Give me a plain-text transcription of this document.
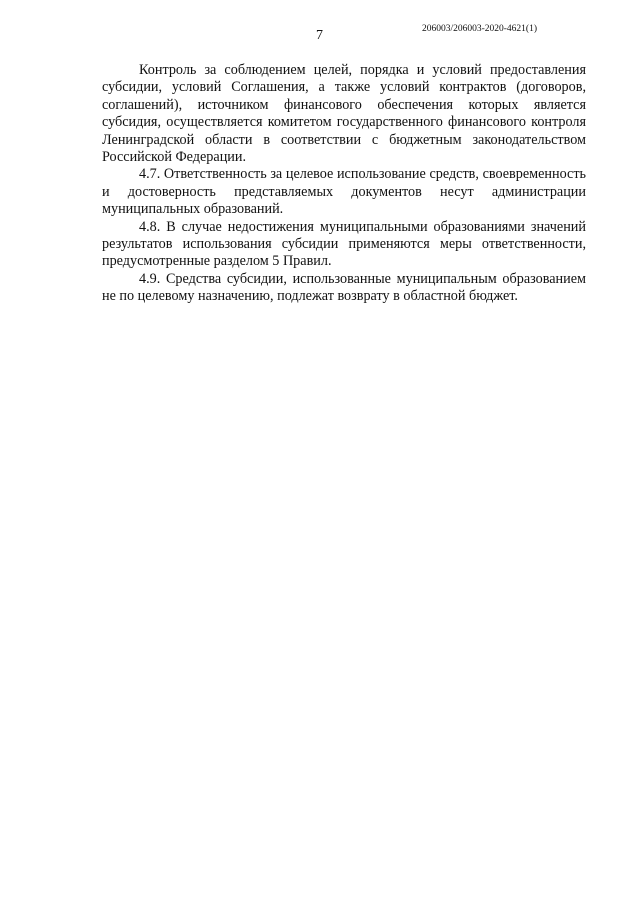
7	206003/206003-2020-4621(1)

Контроль за соблюдением целей, порядка и условий предоставления субсидии, условий Соглашения, а также условий контрактов (договоров, соглашений), источником финансового обеспечения которых является субсидия, осуществляется комитетом государственного финансового контроля Ленинградской области в соответствии с бюджетным законодательством Российской Федерации.

4.7. Ответственность за целевое использование средств, своевременность и достоверность представляемых документов несут администрации муниципальных образований.

4.8. В случае недостижения муниципальными образованиями значений результатов использования субсидии применяются меры ответственности, предусмотренные разделом 5 Правил.

4.9. Средства субсидии, использованные муниципальным образованием не по целевому назначению, подлежат возврату в областной бюджет.
